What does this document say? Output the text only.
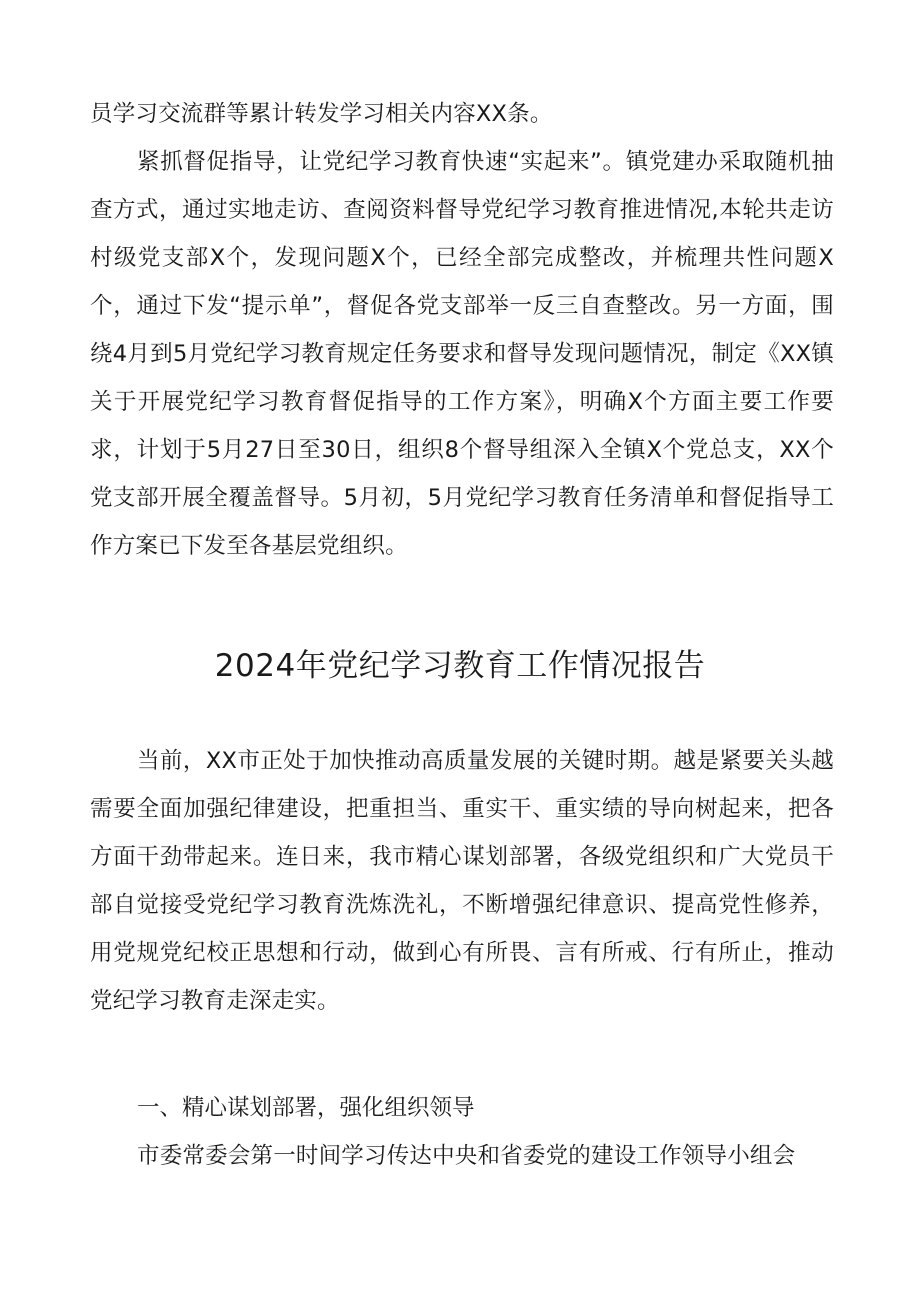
员学习交流群等累计转发学习相关内容XX条。

紧抓督促指导，让党纪学习教育快速“实起来”。镇党建办采取随机抽查方式，通过实地走访、查阅资料督导党纪学习教育推进情况,本轮共走访村级党支部X个，发现问题X个，已经全部完成整改，并梳理共性问题X个，通过下发“提示单”，督促各党支部举一反三自查整改。另一方面，围绕4月到5月党纪学习教育规定任务要求和督导发现问题情况，制定《XX镇关于开展党纪学习教育督促指导的工作方案》，明确X个方面主要工作要求，计划于5月27日至30日，组织8个督导组深入全镇X个党总支，XX个党支部开展全覆盖督导。5月初，5月党纪学习教育任务清单和督促指导工作方案已下发至各基层党组织。

2024年党纪学习教育工作情况报告

当前，XX市正处于加快推动高质量发展的关键时期。越是紧要关头越需要全面加强纪律建设，把重担当、重实干、重实绩的导向树起来，把各方面干劲带起来。连日来，我市精心谋划部署，各级党组织和广大党员干部自觉接受党纪学习教育洗炼洗礼，不断增强纪律意识、提高党性修养，用党规党纪校正思想和行动，做到心有所畏、言有所戒、行有所止，推动党纪学习教育走深走实。

一、精心谋划部署，强化组织领导

市委常委会第一时间学习传达中央和省委党的建设工作领导小组会
